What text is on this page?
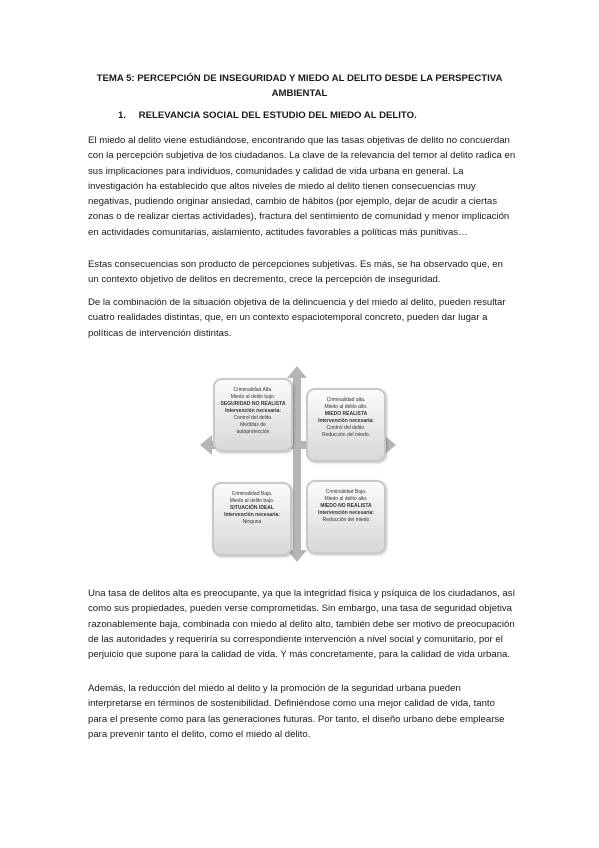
TEMA 5: PERCEPCIÓN DE INSEGURIDAD Y MIEDO AL DELITO DESDE LA PERSPECTIVA AMBIENTAL
1. RELEVANCIA SOCIAL DEL ESTUDIO DEL MIEDO AL DELITO.

El miedo al delito viene estudiándose, encontrando que las tasas objetivas de delito no concuerdan con la percepción subjetiva de los ciudadanos. La clave de la relevancia del temor al delito radica en sus implicaciones para individuos, comunidades y calidad de vida urbana en general. La investigación ha establecido que altos niveles de miedo al delito tienen consecuencias muy negativas, pudiendo originar ansiedad, cambio de hábitos (por ejemplo, dejar de acudir a ciertas zonas o de realizar ciertas actividades), fractura del sentimiento de comunidad y menor implicación en actividades comunitarias, aislamiento, actitudes favorables a políticas más punitivas…

Estas consecuencias son producto de percepciones subjetivas. Es más, se ha observado que, en un contexto objetivo de delitos en decremento, crece la percepción de inseguridad.

De la combinación de la situación objetiva de la delincuencia y del miedo al delito, pueden resultar cuatro realidades distintas, que, en un contexto espaciotemporal concreto, pueden dar lugar a políticas de intervención distintas.

Criminalidad Alta.
Miedo al delito bajo.
SEGURIDAD NO REALISTA
Intervención necesaria:
Control del delito.
Medidas de
autoprotección
Criminalidad alta.
Miedo al delito alto.
MIEDO REALISTA
Intervención necesaria:
Control del delito.
Reducción del miedo.
Criminalidad Baja.
Miedo al delito bajo.
SITUACIÓN IDEAL
Intervención necesaria:
Ninguna
Criminalidad Baja.
Miedo al delito alto.
MIEDO NO REALISTA
Intervención necesaria:
Reducción del miedo

Una tasa de delitos alta es preocupante, ya que la integridad física y psíquica de los ciudadanos, así como sus propiedades, pueden verse comprometidas. Sin embargo, una tasa de seguridad objetiva razonablemente baja, combinada con miedo al delito alto, también debe ser motivo de preocupación de las autoridades y requeriría su correspondiente intervención a nivel social y comunitario, por el perjuicio que supone para la calidad de vida. Y más concretamente, para la calidad de vida urbana.

Además, la reducción del miedo al delito y la promoción de la seguridad urbana pueden interpretarse en términos de sostenibilidad. Definiéndose como una mejor calidad de vida, tanto para el presente como para las generaciones futuras. Por tanto, el diseño urbano debe emplearse para prevenir tanto el delito, como el miedo al delito.
